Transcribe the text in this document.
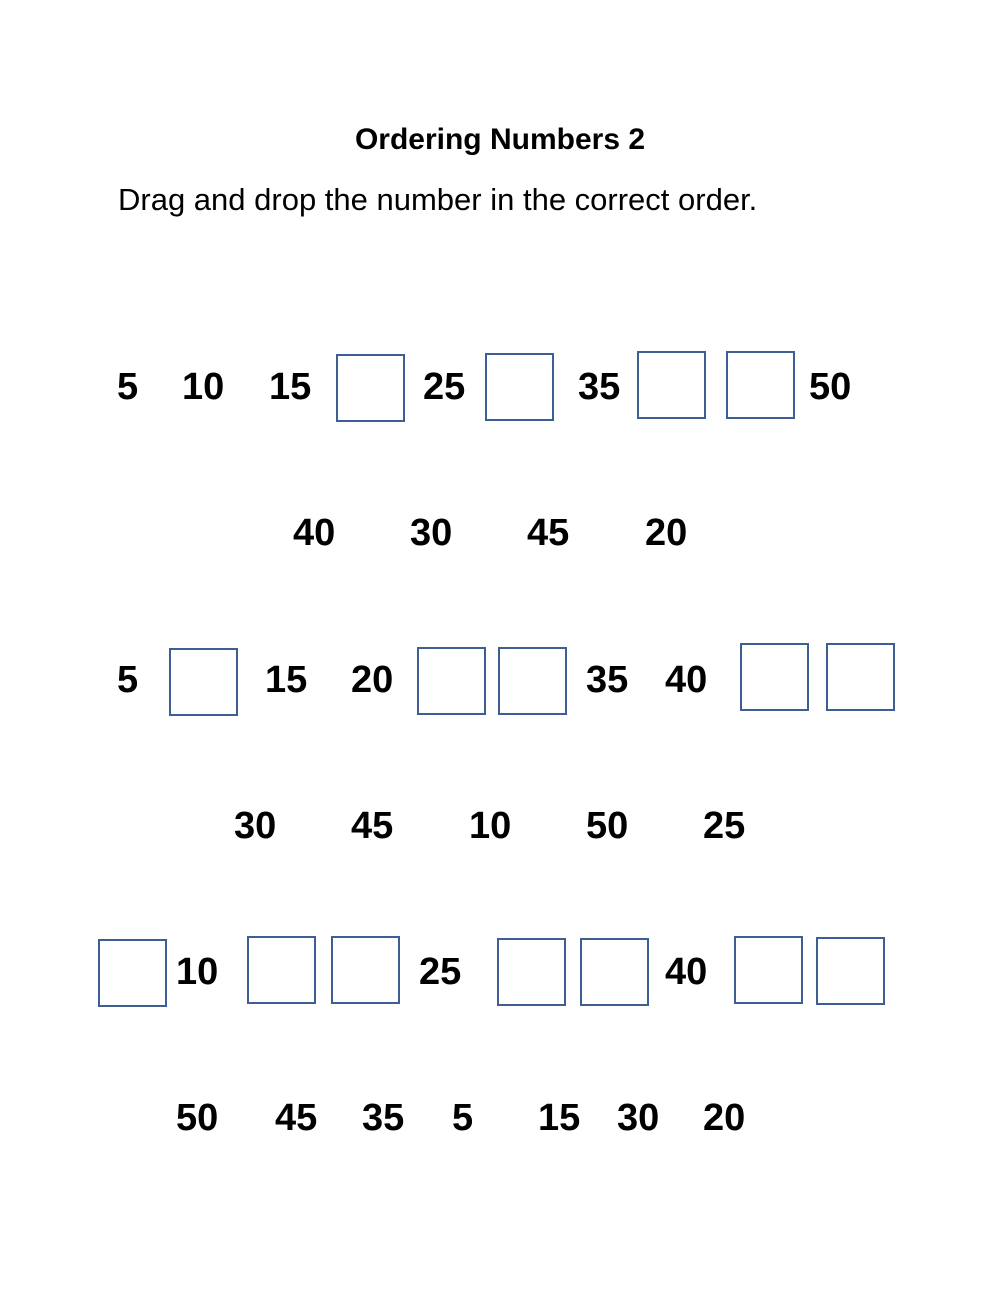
Ordering Numbers 2
Drag and drop the number in the correct order.
5 10 15	25	35	50
40 30 45 20
5	15 20	35 40
30 45 10 50 25
10	25	40
50 45 35 5 15 30 20
